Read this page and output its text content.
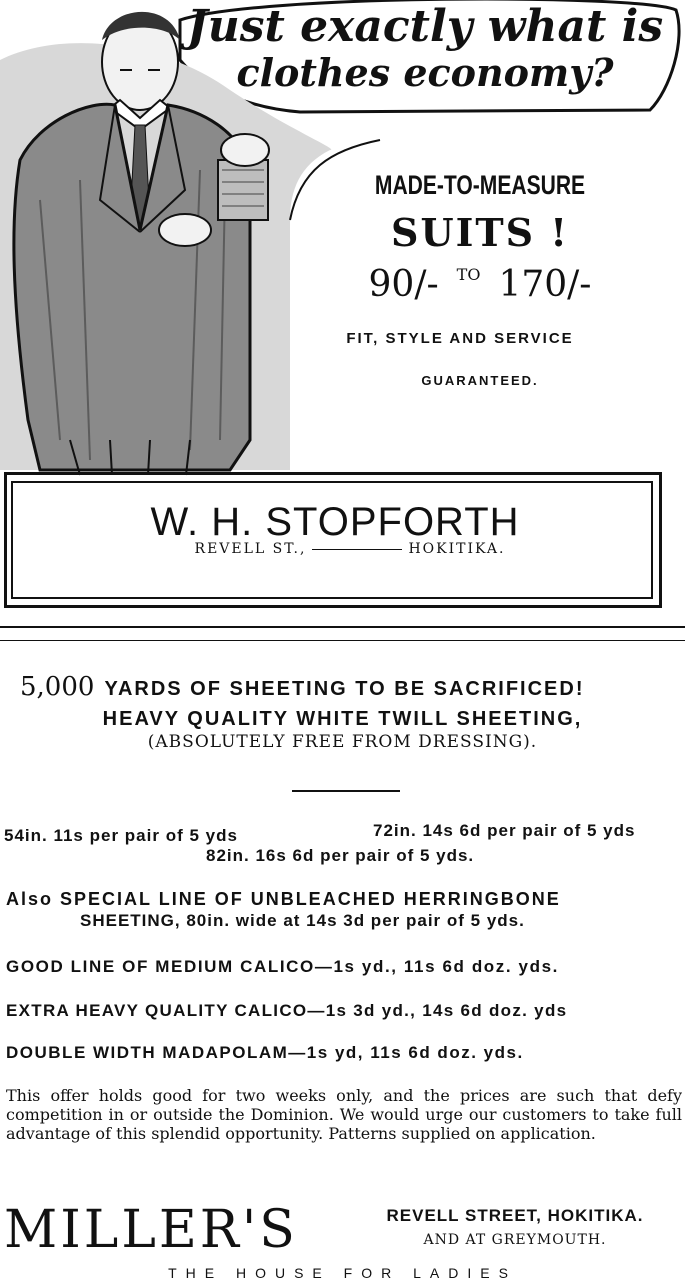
Just exactly what is
clothes economy?
MADE-TO-MEASURE
SUITS !
90/- $^{TO}$ 170/-
FIT, STYLE AND SERVICE
GUARANTEED.
W. H. STOPFORTH
REVELL ST.,	HOKITIKA.
5,000 YARDS OF SHEETING TO BE SACRIFICED!
HEAVY QUALITY WHITE TWILL SHEETING,
(ABSOLUTELY FREE FROM DRESSING).
54in. 11s per pair of 5 yds	72in. 14s 6d per pair of 5 yds
82in. 16s 6d per pair of 5 yds.
Also SPECIAL LINE OF UNBLEACHED HERRINGBONE
SHEETING, 80in. wide at 14s 3d per pair of 5 yds.
GOOD LINE OF MEDIUM CALICO—1s yd., 11s 6d doz. yds.
EXTRA HEAVY QUALITY CALICO—1s 3d yd., 14s 6d doz. yds
DOUBLE WIDTH MADAPOLAM—1s yd, 11s 6d doz. yds.
This offer holds good for two weeks only, and the prices are such that defy competition in or outside the Dominion. We would urge our customers to take full advantage of this splendid opportunity. Patterns supplied on application.
MILLER'S	REVELL STREET, HOKITIKA.
AND AT GREYMOUTH.
THE HOUSE FOR LADIES
